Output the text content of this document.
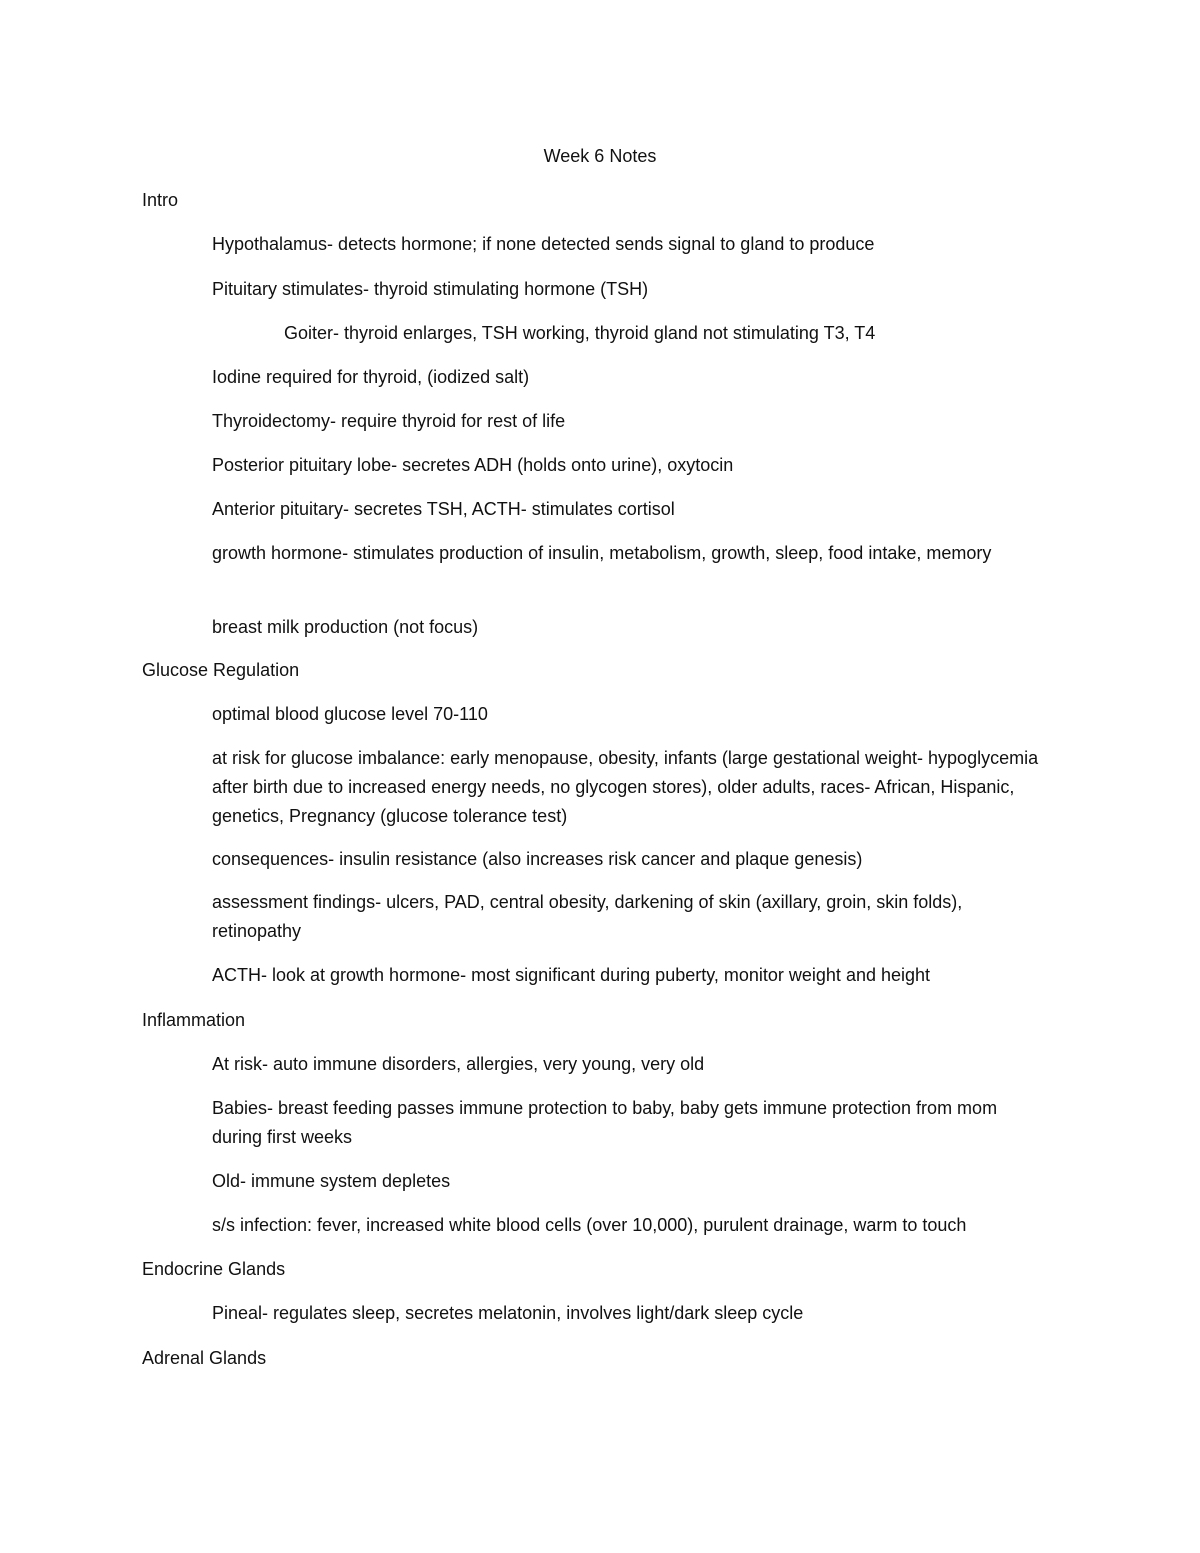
Week 6 Notes
Intro
Hypothalamus- detects hormone; if none detected sends signal to gland to produce
Pituitary stimulates- thyroid stimulating hormone (TSH)
Goiter- thyroid enlarges, TSH working, thyroid gland not stimulating T3, T4
Iodine required for thyroid, (iodized salt)
Thyroidectomy- require thyroid for rest of life
Posterior pituitary lobe- secretes ADH (holds onto urine), oxytocin
Anterior pituitary- secretes TSH, ACTH- stimulates cortisol
growth hormone- stimulates production of insulin, metabolism, growth, sleep, food intake, memory
breast milk production (not focus)
Glucose Regulation
optimal blood glucose level 70-110
at risk for glucose imbalance: early menopause, obesity, infants (large gestational weight- hypoglycemia after birth due to increased energy needs, no glycogen stores), older adults, races- African, Hispanic, genetics, Pregnancy (glucose tolerance test)
consequences- insulin resistance (also increases risk cancer and plaque genesis)
assessment findings- ulcers, PAD, central obesity, darkening of skin (axillary, groin, skin folds), retinopathy
ACTH- look at growth hormone- most significant during puberty, monitor weight and height
Inflammation
At risk- auto immune disorders, allergies, very young, very old
Babies- breast feeding passes immune protection to baby, baby gets immune protection from mom during first weeks
Old- immune system depletes
s/s infection: fever, increased white blood cells (over 10,000), purulent drainage, warm to touch
Endocrine Glands
Pineal- regulates sleep, secretes melatonin, involves light/dark sleep cycle
Adrenal Glands
